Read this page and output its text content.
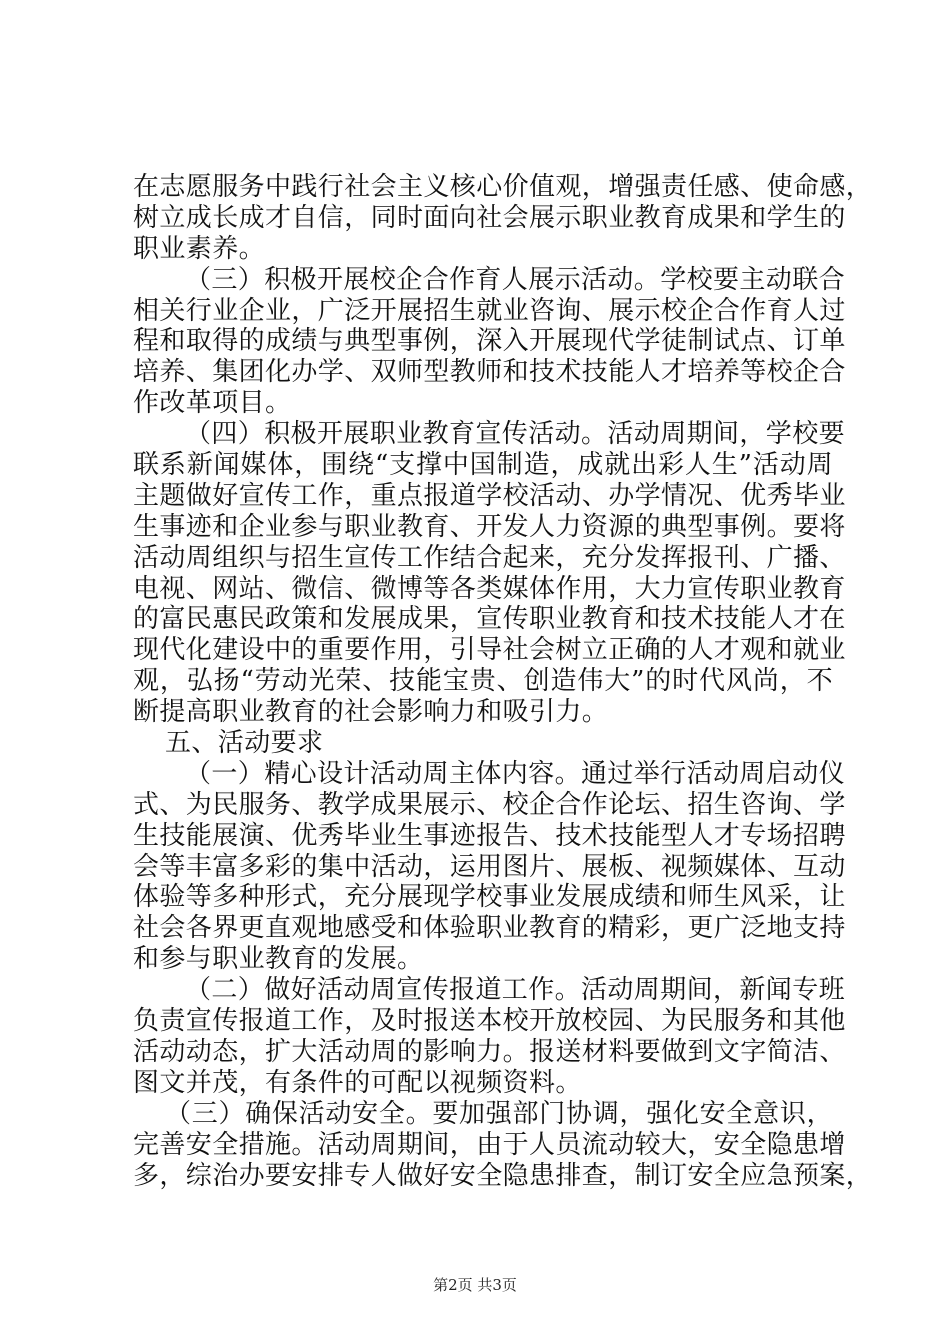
在志愿服务中践行社会主义核心价值观，增强责任感、使命感，
树立成长成才自信，同时面向社会展示职业教育成果和学生的
职业素养。
（三）积极开展校企合作育人展示活动。学校要主动联合
相关行业企业，广泛开展招生就业咨询、展示校企合作育人过
程和取得的成绩与典型事例，深入开展现代学徒制试点、订单
培养、集团化办学、双师型教师和技术技能人才培养等校企合
作改革项目。
（四）积极开展职业教育宣传活动。活动周期间，学校要
联系新闻媒体，围绕“支撑中国制造，成就出彩人生”活动周
主题做好宣传工作，重点报道学校活动、办学情况、优秀毕业
生事迹和企业参与职业教育、开发人力资源的典型事例。要将
活动周组织与招生宣传工作结合起来，充分发挥报刊、广播、
电视、网站、微信、微博等各类媒体作用，大力宣传职业教育
的富民惠民政策和发展成果，宣传职业教育和技术技能人才在
现代化建设中的重要作用，引导社会树立正确的人才观和就业
观，弘扬“劳动光荣、技能宝贵、创造伟大”的时代风尚，不
断提高职业教育的社会影响力和吸引力。
五、活动要求
（一）精心设计活动周主体内容。通过举行活动周启动仪
式、为民服务、教学成果展示、校企合作论坛、招生咨询、学
生技能展演、优秀毕业生事迹报告、技术技能型人才专场招聘
会等丰富多彩的集中活动，运用图片、展板、视频媒体、互动
体验等多种形式，充分展现学校事业发展成绩和师生风采，让
社会各界更直观地感受和体验职业教育的精彩，更广泛地支持
和参与职业教育的发展。
（二）做好活动周宣传报道工作。活动周期间，新闻专班
负责宣传报道工作，及时报送本校开放校园、为民服务和其他
活动动态，扩大活动周的影响力。报送材料要做到文字简洁、
图文并茂，有条件的可配以视频资料。
（三）确保活动安全。要加强部门协调，强化安全意识，
完善安全措施。活动周期间，由于人员流动较大，安全隐患增
多，综治办要安排专人做好安全隐患排查，制订安全应急预案，
第2页 共3页
